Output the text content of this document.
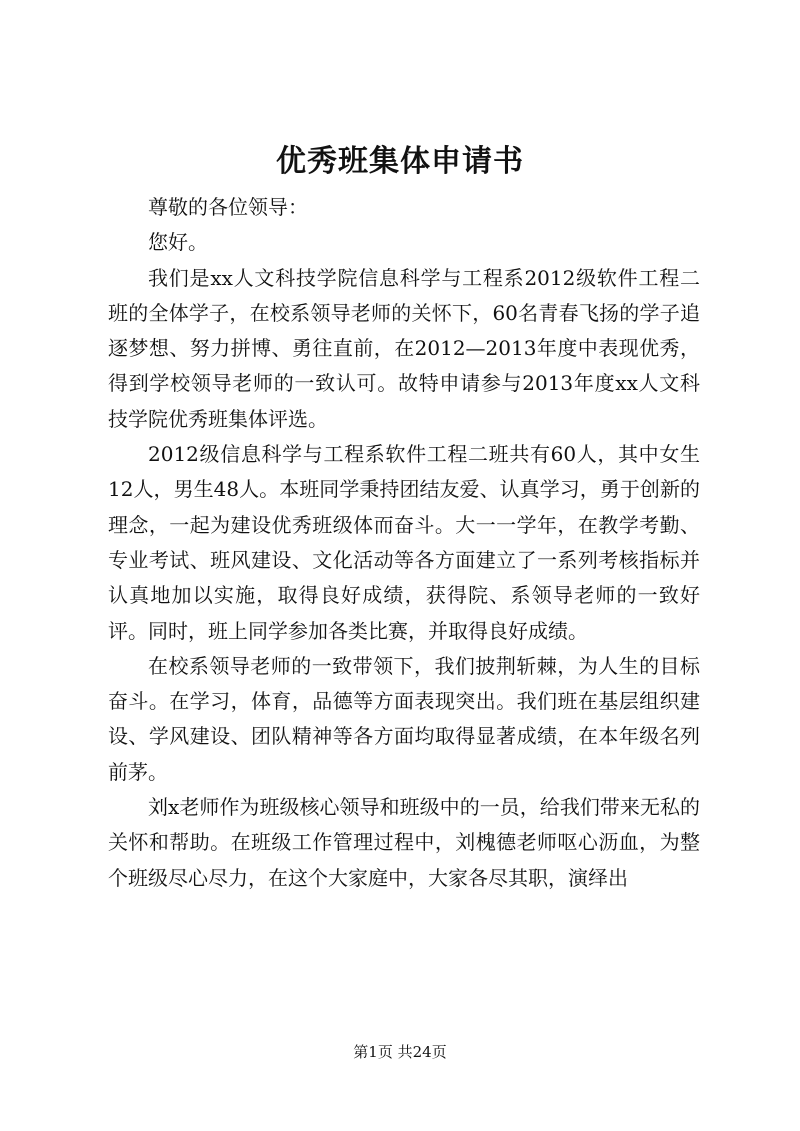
优秀班集体申请书

尊敬的各位领导：

您好。

我们是xx人文科技学院信息科学与工程系2012级软件工程二班的全体学子，在校系领导老师的关怀下，60名青春飞扬的学子追逐梦想、努力拼博、勇往直前，在2012—2013年度中表现优秀，得到学校领导老师的一致认可。故特申请参与2013年度xx人文科技学院优秀班集体评选。

2012级信息科学与工程系软件工程二班共有60人，其中女生12人，男生48人。本班同学秉持团结友爱、认真学习，勇于创新的理念，一起为建设优秀班级体而奋斗。大一一学年，在教学考勤、专业考试、班风建设、文化活动等各方面建立了一系列考核指标并认真地加以实施，取得良好成绩，获得院、系领导老师的一致好评。同时，班上同学参加各类比赛，并取得良好成绩。

在校系领导老师的一致带领下，我们披荆斩棘，为人生的目标奋斗。在学习，体育，品德等方面表现突出。我们班在基层组织建设、学风建设、团队精神等各方面均取得显著成绩，在本年级名列前茅。

刘x老师作为班级核心领导和班级中的一员，给我们带来无私的关怀和帮助。在班级工作管理过程中，刘槐德老师呕心沥血，为整个班级尽心尽力，在这个大家庭中，大家各尽其职，演绎出

第1页 共24页
